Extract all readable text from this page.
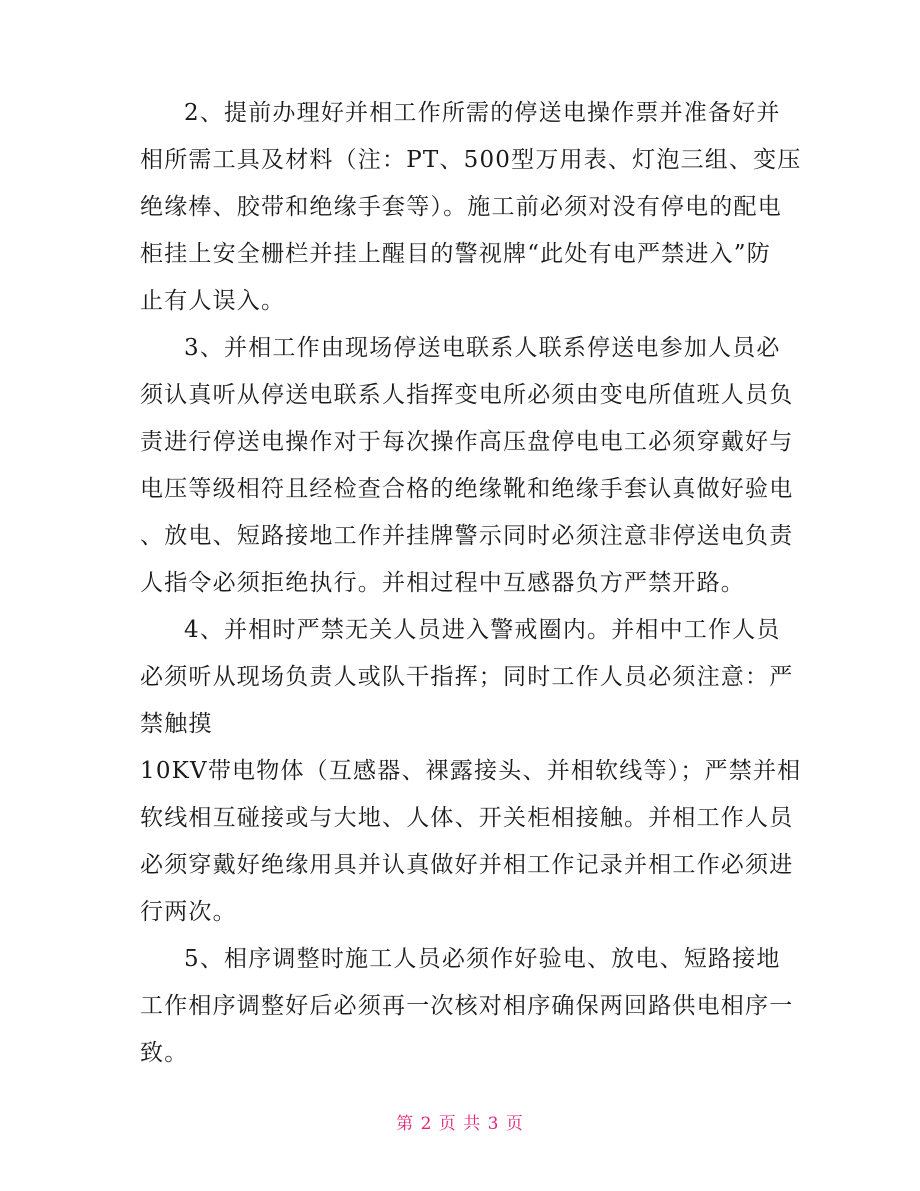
2、提前办理好并相工作所需的停送电操作票并准备好并
相所需工具及材料（注：PT、500型万用表、灯泡三组、变压
绝缘棒、胶带和绝缘手套等）。施工前必须对没有停电的配电
柜挂上安全栅栏并挂上醒目的警视牌“此处有电严禁进入”防
止有人误入。
3、并相工作由现场停送电联系人联系停送电参加人员必
须认真听从停送电联系人指挥变电所必须由变电所值班人员负
责进行停送电操作对于每次操作高压盘停电电工必须穿戴好与
电压等级相符且经检查合格的绝缘靴和绝缘手套认真做好验电
、放电、短路接地工作并挂牌警示同时必须注意非停送电负责
人指令必须拒绝执行。并相过程中互感器负方严禁开路。
4、并相时严禁无关人员进入警戒圈内。并相中工作人员
必须听从现场负责人或队干指挥；同时工作人员必须注意：严
禁触摸
10KV带电物体（互感器、裸露接头、并相软线等）；严禁并相
软线相互碰接或与大地、人体、开关柜相接触。并相工作人员
必须穿戴好绝缘用具并认真做好并相工作记录并相工作必须进
行两次。
5、相序调整时施工人员必须作好验电、放电、短路接地
工作相序调整好后必须再一次核对相序确保两回路供电相序一
致。
第 2 页 共 3 页
